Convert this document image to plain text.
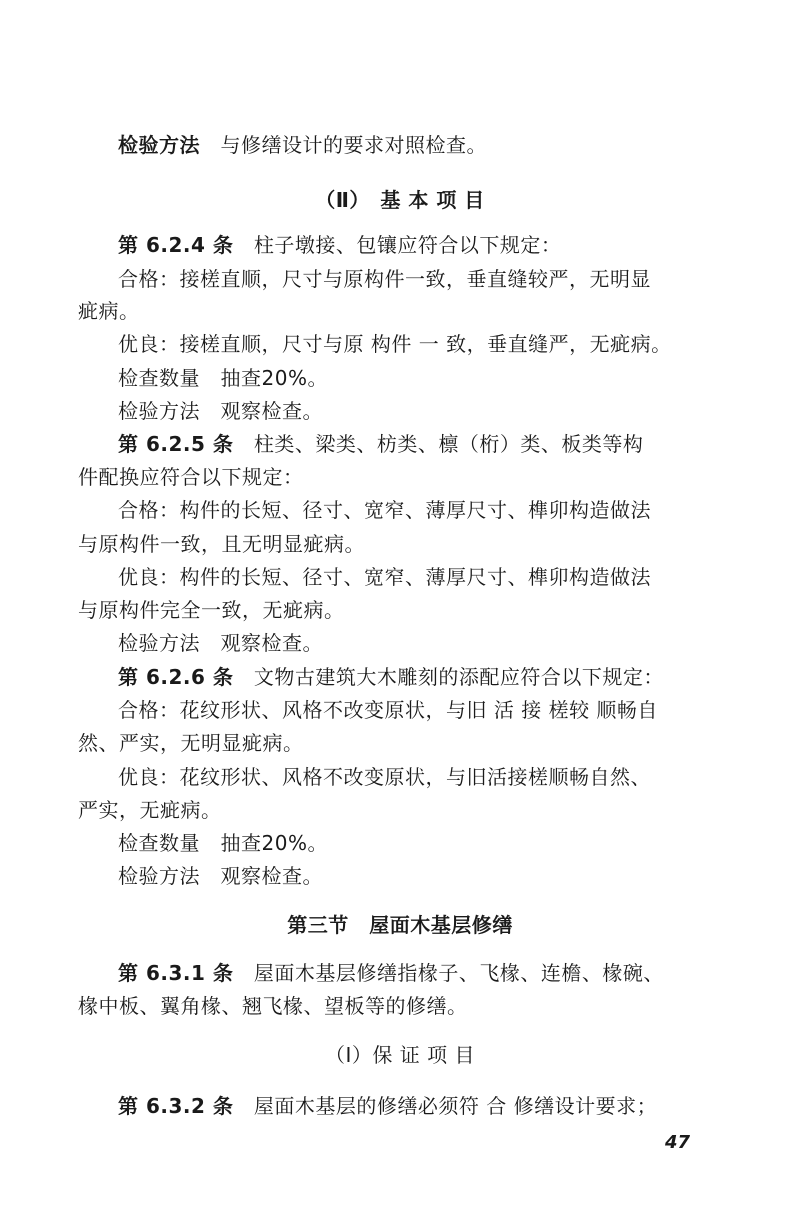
检验方法　与修缮设计的要求对照检查。
（Ⅱ）　基 本 项 目
第 6.2.4 条　柱子墩接、包镶应符合以下规定：
合格：接槎直顺，尺寸与原构件一致，垂直缝较严，无明显
疵病。
优良：接槎直顺，尺寸与原 构件 一 致，垂直缝严，无疵病。
检查数量　抽查20%。
检验方法　观察检查。
第 6.2.5 条　柱类、梁类、枋类、檩（桁）类、板类等构
件配换应符合以下规定：
合格：构件的长短、径寸、宽窄、薄厚尺寸、榫卯构造做法
与原构件一致，且无明显疵病。
优良：构件的长短、径寸、宽窄、薄厚尺寸、榫卯构造做法
与原构件完全一致，无疵病。
检验方法　观察检查。
第 6.2.6 条　文物古建筑大木雕刻的添配应符合以下规定：
合格：花纹形状、风格不改变原状，与旧 活 接 槎较 顺畅自
然、严实，无明显疵病。
优良：花纹形状、风格不改变原状，与旧活接槎顺畅自然、
严实，无疵病。
检查数量　抽查20%。
检验方法　观察检查。
第三节　屋面木基层修缮
第 6.3.1 条　屋面木基层修缮指椽子、飞椽、连檐、椽碗、
椽中板、翼角椽、翘飞椽、望板等的修缮。
（Ⅰ）保 证 项 目
第 6.3.2 条　屋面木基层的修缮必须符 合 修缮设计要求；
47
